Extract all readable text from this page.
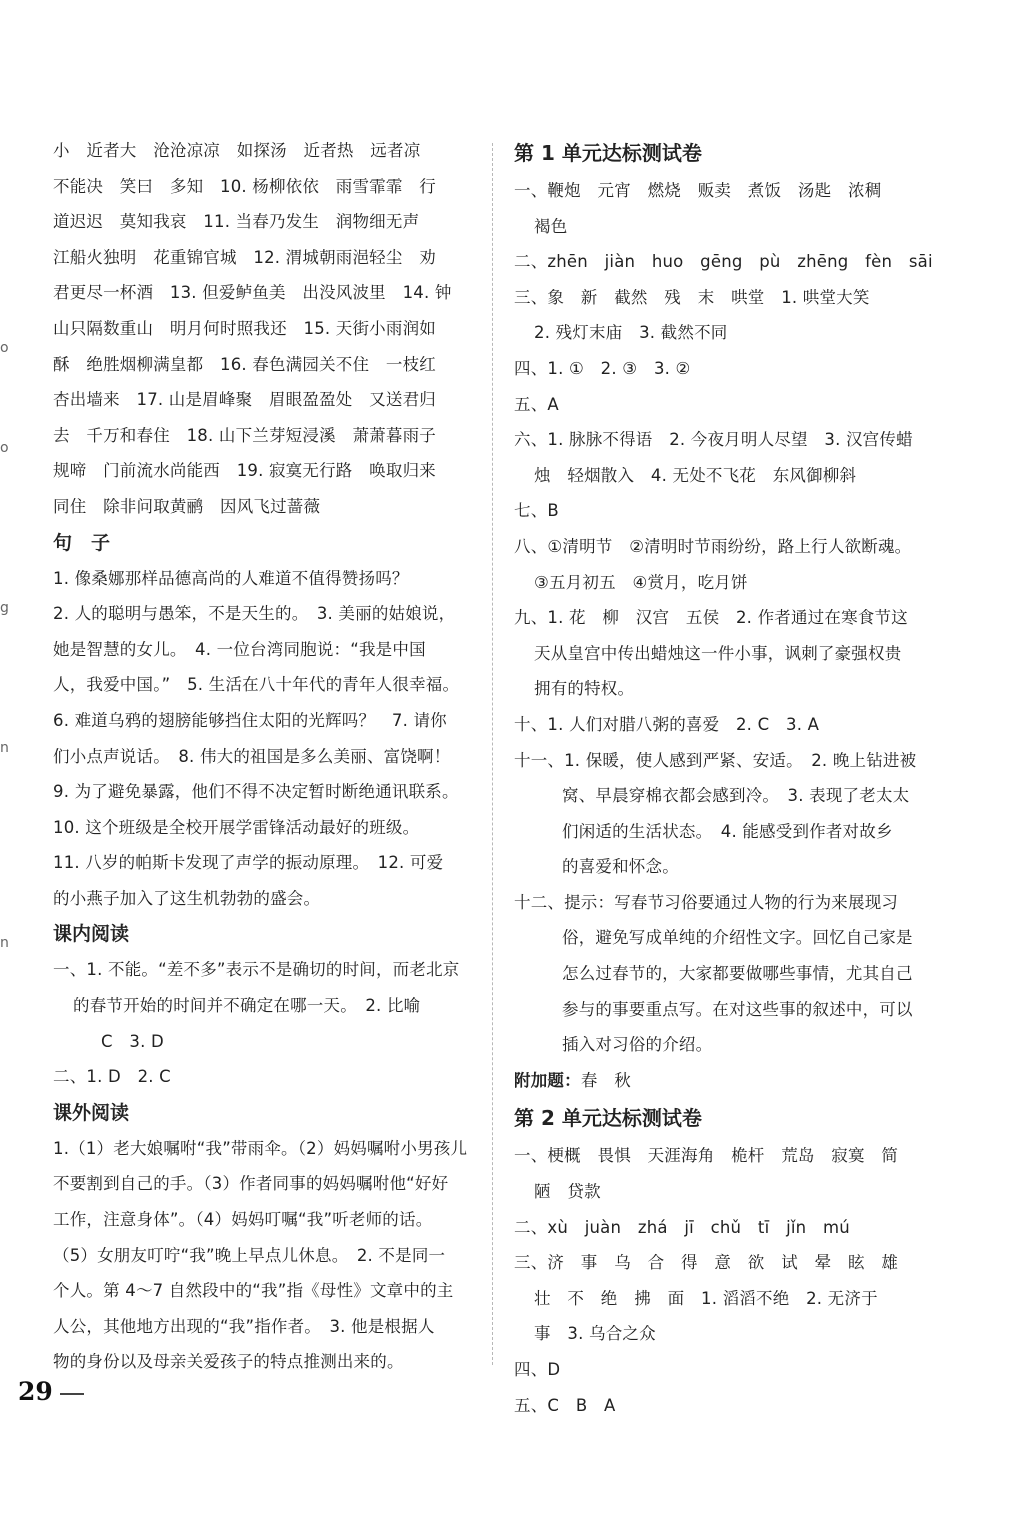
小　近者大　沧沧凉凉　如探汤　近者热　远者凉
不能决　笑曰　多知　10. 杨柳依依　雨雪霏霏　行
道迟迟　莫知我哀　11. 当春乃发生　润物细无声
江船火独明　花重锦官城　12. 渭城朝雨浥轻尘　劝
君更尽一杯酒　13. 但爱鲈鱼美　出没风波里　14. 钟
山只隔数重山　明月何时照我还　15. 天街小雨润如
酥　绝胜烟柳满皇都　16. 春色满园关不住　一枝红
杏出墙来　17. 山是眉峰聚　眉眼盈盈处　又送君归
去　千万和春住　18. 山下兰芽短浸溪　萧萧暮雨子
规啼　门前流水尚能西　19. 寂寞无行路　唤取归来
同住　除非问取黄鹂　因风飞过蔷薇
句　子
1. 像桑娜那样品德高尚的人难道不值得赞扬吗？
2. 人的聪明与愚笨，不是天生的。　3. 美丽的姑娘说，
她是智慧的女儿。　4. 一位台湾同胞说：“我是中国
人，我爱中国。”　5. 生活在八十年代的青年人很幸福。
6. 难道乌鸦的翅膀能够挡住太阳的光辉吗？　7. 请你
们小点声说话。　8. 伟大的祖国是多么美丽、富饶啊！
9. 为了避免暴露，他们不得不决定暂时断绝通讯联系。
10. 这个班级是全校开展学雷锋活动最好的班级。
11. 八岁的帕斯卡发现了声学的振动原理。　12. 可爱
的小燕子加入了这生机勃勃的盛会。
课内阅读
一、1. 不能。“差不多”表示不是确切的时间，而老北京
的春节开始的时间并不确定在哪一天。　2. 比喻
C　3. D
二、1. D　2. C
课外阅读
1.（1）老大娘嘱咐“我”带雨伞。（2）妈妈嘱咐小男孩儿
不要割到自己的手。（3）作者同事的妈妈嘱咐他“好好
工作，注意身体”。（4）妈妈叮嘱“我”听老师的话。
（5）女朋友叮咛“我”晚上早点儿休息。　2. 不是同一
个人。第 4～7 自然段中的“我”指《母性》文章中的主
人公，其他地方出现的“我”指作者。　3. 他是根据人
物的身份以及母亲关爱孩子的特点推测出来的。
第 1 单元达标测试卷
一、鞭炮　元宵　燃烧　贩卖　煮饭　汤匙　浓稠
褐色
二、zhēn　jiàn　huo　gēng　pù　zhēng　fèn　sāi
三、象　新　截然　残　末　哄堂　1. 哄堂大笑
2. 残灯末庙　3. 截然不同
四、1. ①　2. ③　3. ②
五、A
六、1. 脉脉不得语　2. 今夜月明人尽望　3. 汉宫传蜡
烛　轻烟散入　4. 无处不飞花　东风御柳斜
七、B
八、①清明节　②清明时节雨纷纷，路上行人欲断魂。
③五月初五　④赏月，吃月饼
九、1. 花　柳　汉宫　五侯　2. 作者通过在寒食节这
天从皇宫中传出蜡烛这一件小事，讽刺了豪强权贵
拥有的特权。
十、1. 人们对腊八粥的喜爱　2. C　3. A
十一、1. 保暖，使人感到严紧、安适。　2. 晚上钻进被
窝、早晨穿棉衣都会感到冷。　3. 表现了老太太
们闲适的生活状态。　4. 能感受到作者对故乡
的喜爱和怀念。
十二、提示：写春节习俗要通过人物的行为来展现习
俗，避免写成单纯的介绍性文字。回忆自己家是
怎么过春节的，大家都要做哪些事情，尤其自己
参与的事要重点写。在对这些事的叙述中，可以
插入对习俗的介绍。
附加题：春　秋
第 2 单元达标测试卷
一、梗概　畏惧　天涯海角　桅杆　荒岛　寂寞　简
陋　贷款
二、xù　juàn　zhá　jī　chǔ　tī　jǐn　mú
三、济　事　乌　合　得　意　欲　试　晕　眩　雄
壮　不　绝　拂　面　1. 滔滔不绝　2. 无济于
事　3. 乌合之众
四、D
五、C　B　A
29
o
o
g
n
n
